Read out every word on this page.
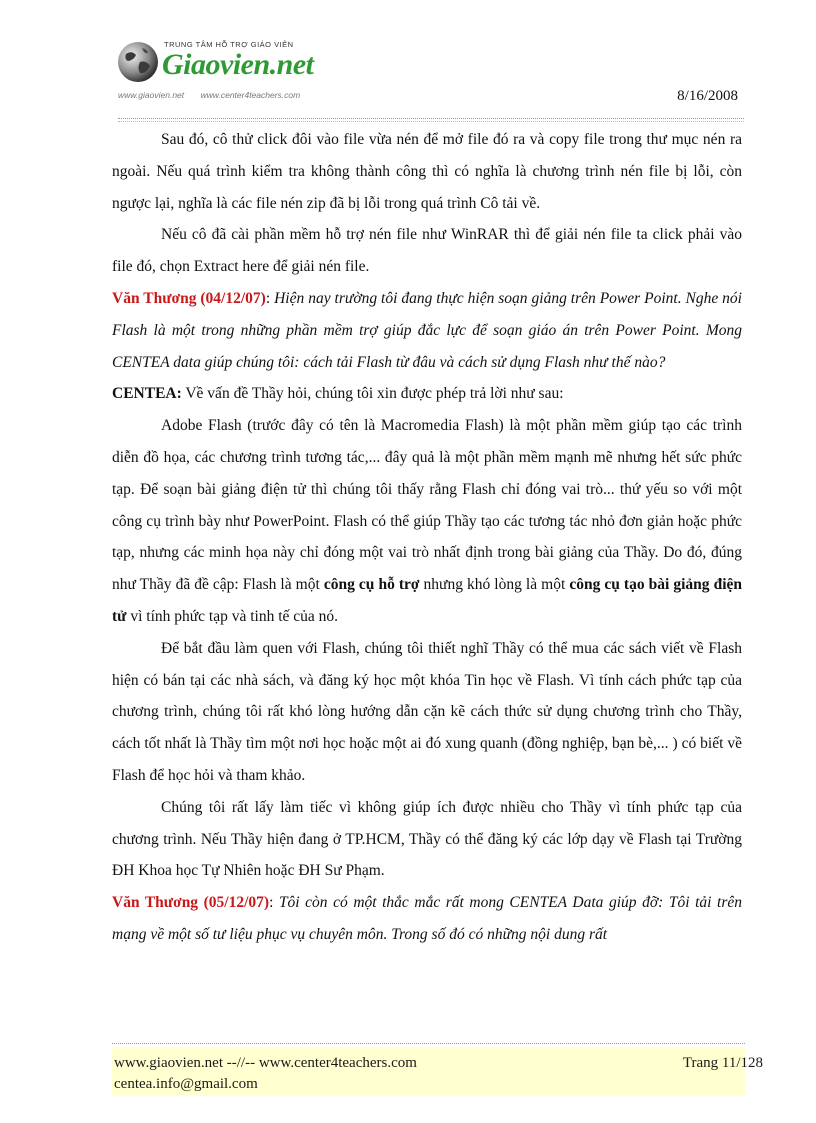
TRUNG TÂM HỖ TRỢ GIÁO VIÊN
Giaovien.net
www.giaovien.net www.center4teachers.com	8/16/2008

Sau đó, cô thử click đôi vào file vừa nén để mở file đó ra và copy file trong thư mục nén ra ngoài. Nếu quá trình kiểm tra không thành công thì có nghĩa là chương trình nén file bị lỗi, còn ngược lại, nghĩa là các file nén zip đã bị lỗi trong quá trình Cô tải về.

Nếu cô đã cài phần mềm hỗ trợ nén file như WinRAR thì để giải nén file ta click phải vào file đó, chọn Extract here để giải nén file.

Văn Thương (04/12/07): Hiện nay trường tôi đang thực hiện soạn giảng trên Power Point. Nghe nói Flash là một trong những phần mềm trợ giúp đắc lực để soạn giáo án trên Power Point. Mong CENTEA data giúp chúng tôi: cách tải Flash từ đâu và cách sử dụng Flash như thế nào?

CENTEA: Về vấn đề Thầy hỏi, chúng tôi xin được phép trả lời như sau:

Adobe Flash (trước đây có tên là Macromedia Flash) là một phần mềm giúp tạo các trình diễn đồ họa, các chương trình tương tác,... đây quả là một phần mềm mạnh mẽ nhưng hết sức phức tạp. Để soạn bài giảng điện tử thì chúng tôi thấy rằng Flash chỉ đóng vai trò... thứ yếu so với một công cụ trình bày như PowerPoint. Flash có thể giúp Thầy tạo các tương tác nhỏ đơn giản hoặc phức tạp, nhưng các minh họa này chỉ đóng một vai trò nhất định trong bài giảng của Thầy. Do đó, đúng như Thầy đã đề cập: Flash là một công cụ hỗ trợ nhưng khó lòng là một công cụ tạo bài giảng điện tử vì tính phức tạp và tinh tế của nó.

Để bắt đầu làm quen với Flash, chúng tôi thiết nghĩ Thầy có thể mua các sách viết về Flash hiện có bán tại các nhà sách, và đăng ký học một khóa Tin học về Flash. Vì tính cách phức tạp của chương trình, chúng tôi rất khó lòng hướng dẫn cặn kẽ cách thức sử dụng chương trình cho Thầy, cách tốt nhất là Thầy tìm một nơi học hoặc một ai đó xung quanh (đồng nghiệp, bạn bè,... ) có biết về Flash để học hỏi và tham khảo.

Chúng tôi rất lấy làm tiếc vì không giúp ích được nhiều cho Thầy vì tính phức tạp của chương trình. Nếu Thầy hiện đang ở TP.HCM, Thầy có thể đăng ký các lớp dạy về Flash tại Trường ĐH Khoa học Tự Nhiên hoặc ĐH Sư Phạm.

Văn Thương (05/12/07): Tôi còn có một thắc mắc rất mong CENTEA Data giúp đỡ: Tôi tải trên mạng về một số tư liệu phục vụ chuyên môn. Trong số đó có những nội dung rất

www.giaovien.net --//-- www.center4teachers.com
centea.info@gmail.com
Trang 11/128
